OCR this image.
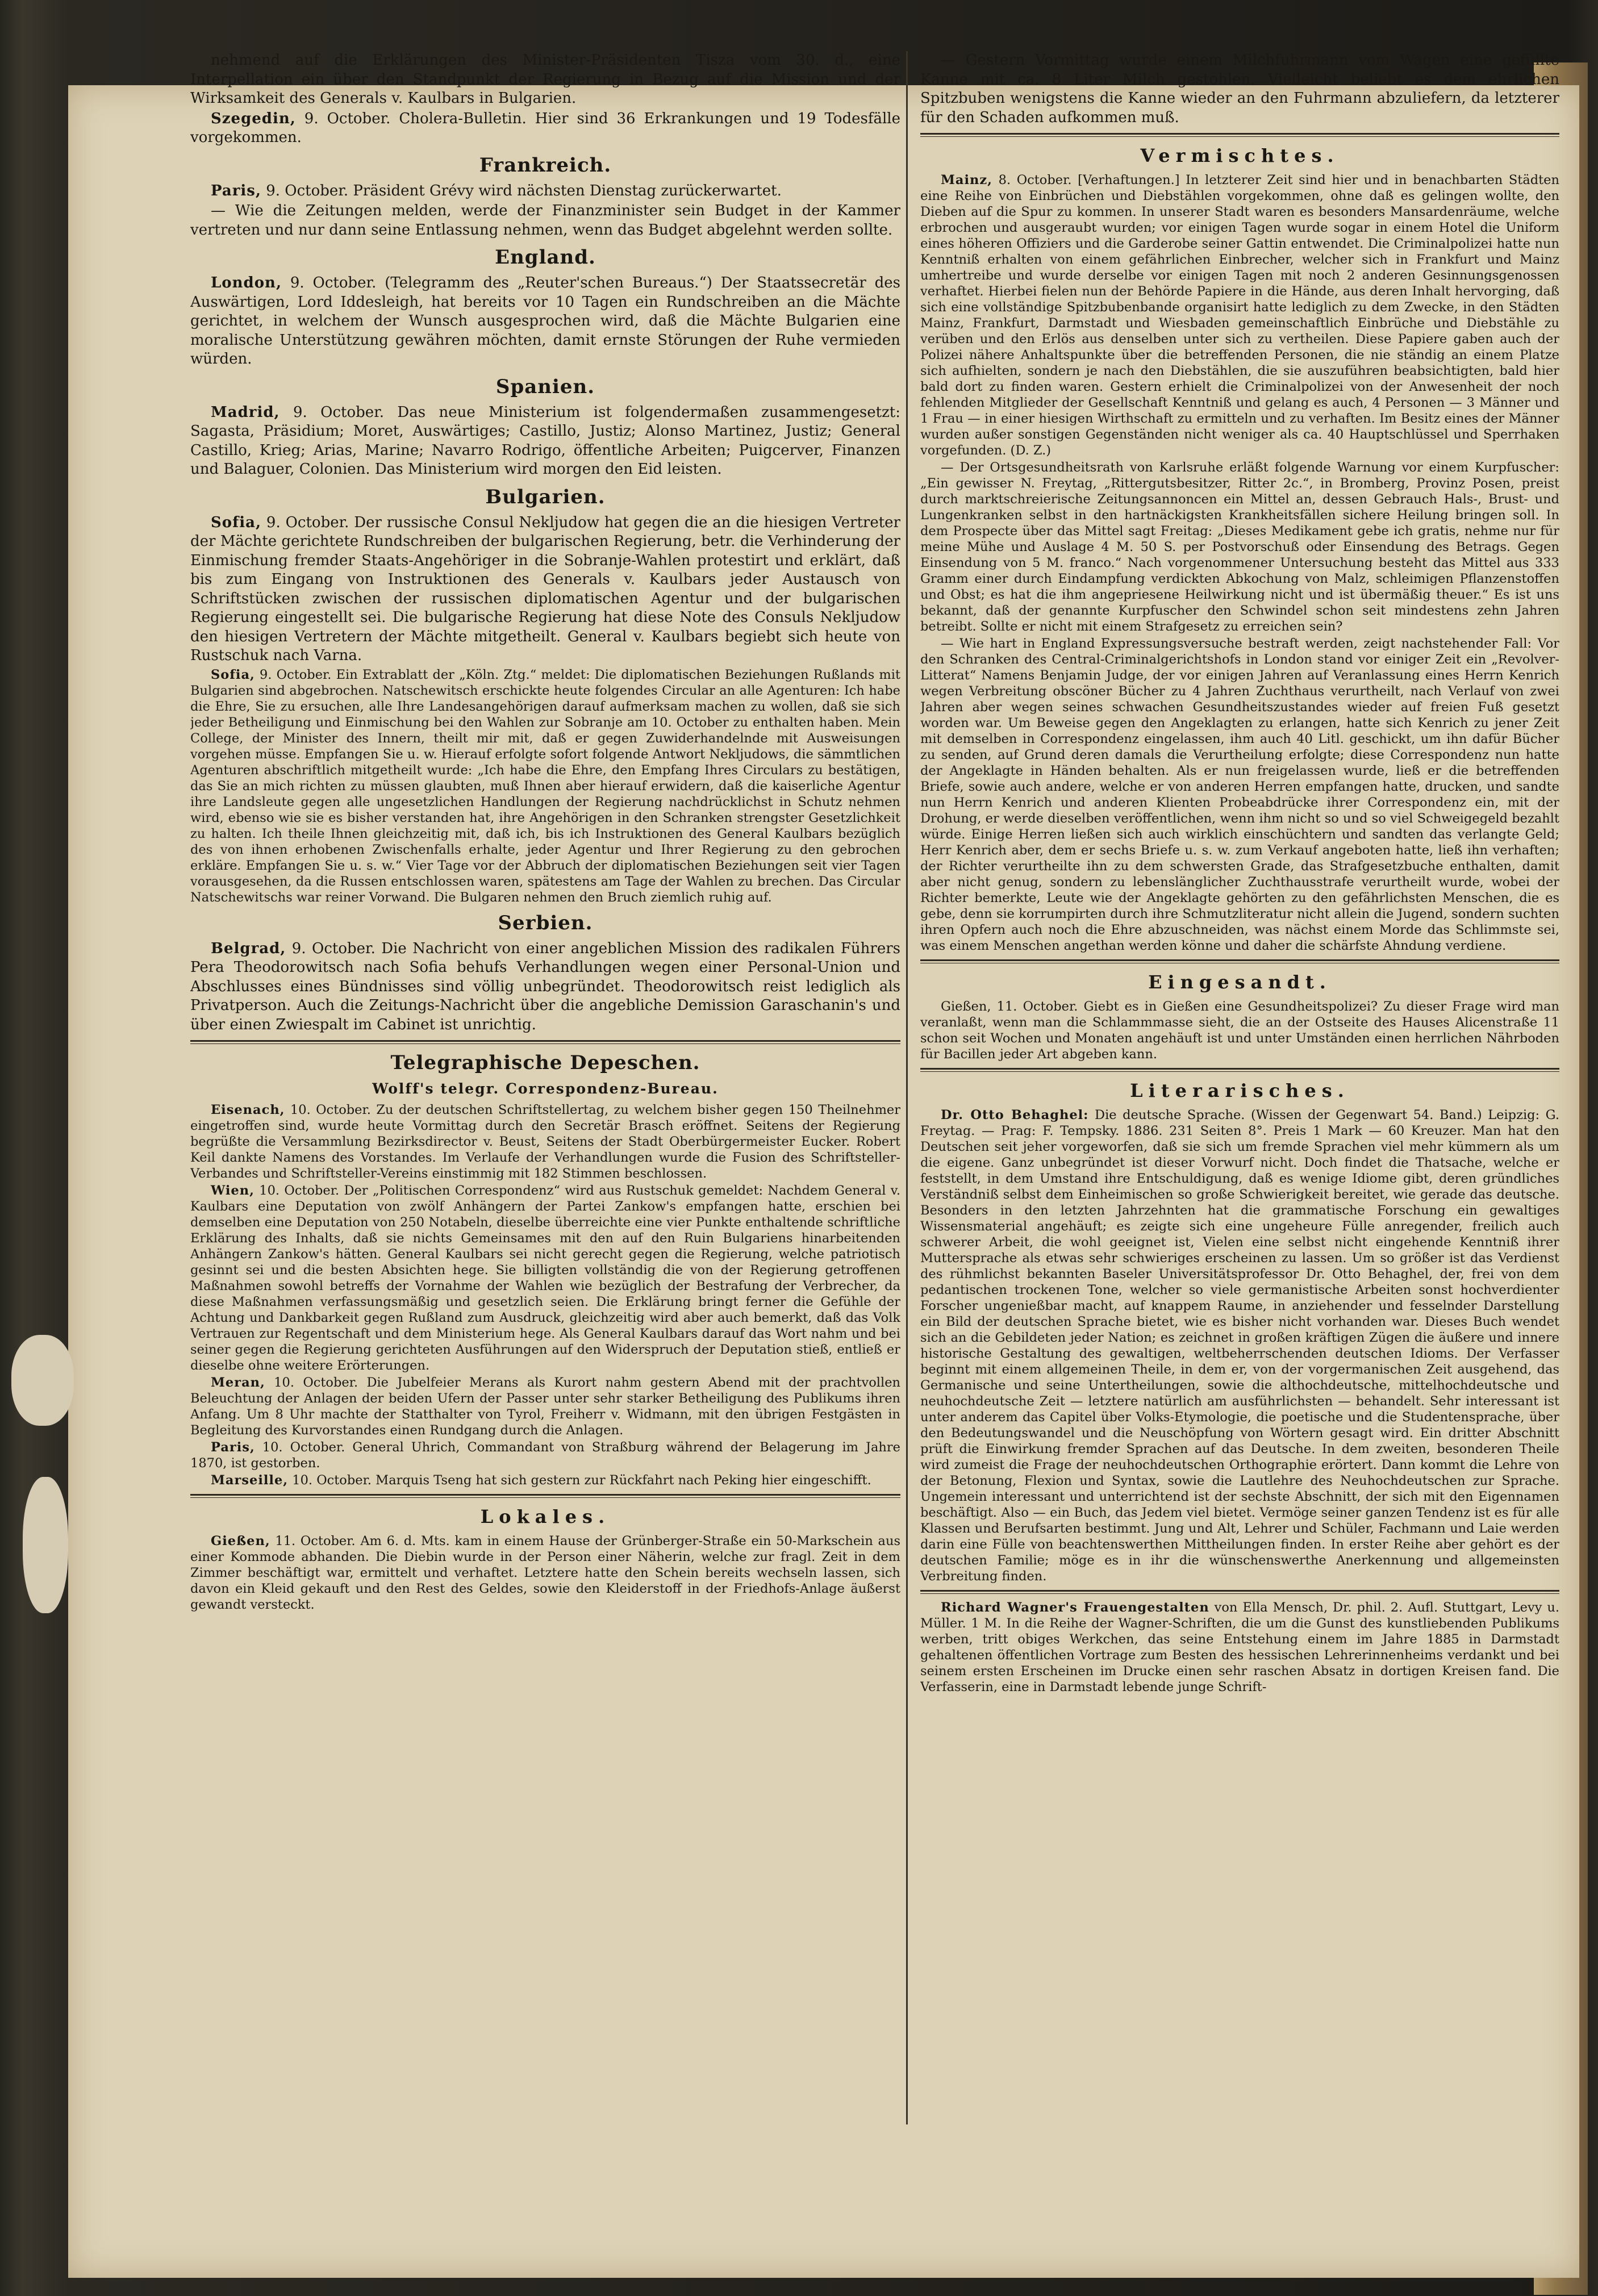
nehmend auf die Erklärungen des Minister-Präsidenten Tisza vom 30. d., eine Interpellation ein über den Standpunkt der Regierung in Bezug auf die Mission und der Wirksamkeit des Generals v. Kaulbars in Bulgarien.

Szegedin, 9. October. Cholera-Bulletin. Hier sind 36 Erkrankungen und 19 Todesfälle vorgekommen.

Frankreich.

Paris, 9. October. Präsident Grévy wird nächsten Dienstag zurückerwartet.

— Wie die Zeitungen melden, werde der Finanzminister sein Budget in der Kammer vertreten und nur dann seine Entlassung nehmen, wenn das Budget abgelehnt werden sollte.

England.

London, 9. October. (Telegramm des „Reuter'schen Bureaus.“) Der Staatssecretär des Auswärtigen, Lord Iddesleigh, hat bereits vor 10 Tagen ein Rundschreiben an die Mächte gerichtet, in welchem der Wunsch ausgesprochen wird, daß die Mächte Bulgarien eine moralische Unterstützung gewähren möchten, damit ernste Störungen der Ruhe vermieden würden.

Spanien.

Madrid, 9. October. Das neue Ministerium ist folgendermaßen zusammengesetzt: Sagasta, Präsidium; Moret, Auswärtiges; Castillo, Justiz; Alonso Martinez, Justiz; General Castillo, Krieg; Arias, Marine; Navarro Rodrigo, öffentliche Arbeiten; Puigcerver, Finanzen und Balaguer, Colonien. Das Ministerium wird morgen den Eid leisten.

Bulgarien.

Sofia, 9. October. Der russische Consul Nekljudow hat gegen die an die hiesigen Vertreter der Mächte gerichtete Rundschreiben der bulgarischen Regierung, betr. die Verhinderung der Einmischung fremder Staats-Angehöriger in die Sobranje-Wahlen protestirt und erklärt, daß bis zum Eingang von Instruktionen des Generals v. Kaulbars jeder Austausch von Schriftstücken zwischen der russischen diplomatischen Agentur und der bulgarischen Regierung eingestellt sei. Die bulgarische Regierung hat diese Note des Consuls Nekljudow den hiesigen Vertretern der Mächte mitgetheilt. General v. Kaulbars begiebt sich heute von Rustschuk nach Varna.

Sofia, 9. October. Ein Extrablatt der „Köln. Ztg.“ meldet: Die diplomatischen Beziehungen Rußlands mit Bulgarien sind abgebrochen. Natschewitsch erschickte heute folgendes Circular an alle Agenturen: Ich habe die Ehre, Sie zu ersuchen, alle Ihre Landesangehörigen darauf aufmerksam machen zu wollen, daß sie sich jeder Betheiligung und Einmischung bei den Wahlen zur Sobranje am 10. October zu enthalten haben. Mein College, der Minister des Innern, theilt mir mit, daß er gegen Zuwiderhandelnde mit Ausweisungen vorgehen müsse. Empfangen Sie u. w. Hierauf erfolgte sofort folgende Antwort Nekljudows, die sämmtlichen Agenturen abschriftlich mitgetheilt wurde: „Ich habe die Ehre, den Empfang Ihres Circulars zu bestätigen, das Sie an mich richten zu müssen glaubten, muß Ihnen aber hierauf erwidern, daß die kaiserliche Agentur ihre Landsleute gegen alle ungesetzlichen Handlungen der Regierung nachdrücklichst in Schutz nehmen wird, ebenso wie sie es bisher verstanden hat, ihre Angehörigen in den Schranken strengster Gesetzlichkeit zu halten. Ich theile Ihnen gleichzeitig mit, daß ich, bis ich Instruktionen des General Kaulbars bezüglich des von ihnen erhobenen Zwischenfalls erhalte, jeder Agentur und Ihrer Regierung zu den gebrochen erkläre. Empfangen Sie u. s. w.“ Vier Tage vor der Abbruch der diplomatischen Beziehungen seit vier Tagen vorausgesehen, da die Russen entschlossen waren, spätestens am Tage der Wahlen zu brechen. Das Circular Natschewitschs war reiner Vorwand. Die Bulgaren nehmen den Bruch ziemlich ruhig auf.

Serbien.

Belgrad, 9. October. Die Nachricht von einer angeblichen Mission des radikalen Führers Pera Theodorowitsch nach Sofia behufs Verhandlungen wegen einer Personal-Union und Abschlusses eines Bündnisses sind völlig unbegründet. Theodorowitsch reist lediglich als Privatperson. Auch die Zeitungs-Nachricht über die angebliche Demission Garaschanin's und über einen Zwiespalt im Cabinet ist unrichtig.

Telegraphische Depeschen.
Wolff's telegr. Correspondenz-Bureau.

Eisenach, 10. October. Zu der deutschen Schriftstellertag, zu welchem bisher gegen 150 Theilnehmer eingetroffen sind, wurde heute Vormittag durch den Secretär Brasch eröffnet. Seitens der Regierung begrüßte die Versammlung Bezirksdirector v. Beust, Seitens der Stadt Oberbürgermeister Eucker. Robert Keil dankte Namens des Vorstandes. Im Verlaufe der Verhandlungen wurde die Fusion des Schriftsteller-Verbandes und Schriftsteller-Vereins einstimmig mit 182 Stimmen beschlossen.

Wien, 10. October. Der „Politischen Correspondenz“ wird aus Rustschuk gemeldet: Nachdem General v. Kaulbars eine Deputation von zwölf Anhängern der Partei Zankow's empfangen hatte, erschien bei demselben eine Deputation von 250 Notabeln, dieselbe überreichte eine vier Punkte enthaltende schriftliche Erklärung des Inhalts, daß sie nichts Gemeinsames mit den auf den Ruin Bulgariens hinarbeitenden Anhängern Zankow's hätten. General Kaulbars sei nicht gerecht gegen die Regierung, welche patriotisch gesinnt sei und die besten Absichten hege. Sie billigten vollständig die von der Regierung getroffenen Maßnahmen sowohl betreffs der Vornahme der Wahlen wie bezüglich der Bestrafung der Verbrecher, da diese Maßnahmen verfassungsmäßig und gesetzlich seien. Die Erklärung bringt ferner die Gefühle der Achtung und Dankbarkeit gegen Rußland zum Ausdruck, gleichzeitig wird aber auch bemerkt, daß das Volk Vertrauen zur Regentschaft und dem Ministerium hege. Als General Kaulbars darauf das Wort nahm und bei seiner gegen die Regierung gerichteten Ausführungen auf den Widerspruch der Deputation stieß, entließ er dieselbe ohne weitere Erörterungen.

Meran, 10. October. Die Jubelfeier Merans als Kurort nahm gestern Abend mit der prachtvollen Beleuchtung der Anlagen der beiden Ufern der Passer unter sehr starker Betheiligung des Publikums ihren Anfang. Um 8 Uhr machte der Statthalter von Tyrol, Freiherr v. Widmann, mit den übrigen Festgästen in Begleitung des Kurvorstandes einen Rundgang durch die Anlagen.

Paris, 10. October. General Uhrich, Commandant von Straßburg während der Belagerung im Jahre 1870, ist gestorben.

Marseille, 10. October. Marquis Tseng hat sich gestern zur Rückfahrt nach Peking hier eingeschifft.

Lokales.

Gießen, 11. October. Am 6. d. Mts. kam in einem Hause der Grünberger-Straße ein 50-Markschein aus einer Kommode abhanden. Die Diebin wurde in der Person einer Näherin, welche zur fragl. Zeit in dem Zimmer beschäftigt war, ermittelt und verhaftet. Letztere hatte den Schein bereits wechseln lassen, sich davon ein Kleid gekauft und den Rest des Geldes, sowie den Kleiderstoff in der Friedhofs-Anlage äußerst gewandt versteckt.

— Gestern Vormittag wurde einem Milchfuhrmann vom Wagen eine gefüllte Kanne mit ca. 8 Liter Milch gestohlen. Vielleicht beliebt es dem ehrlichen Spitzbuben wenigstens die Kanne wieder an den Fuhrmann abzuliefern, da letzterer für den Schaden aufkommen muß.

Vermischtes.

Mainz, 8. October. [Verhaftungen.] In letzterer Zeit sind hier und in benachbarten Städten eine Reihe von Einbrüchen und Diebstählen vorgekommen, ohne daß es gelingen wollte, den Dieben auf die Spur zu kommen. In unserer Stadt waren es besonders Mansardenräume, welche erbrochen und ausgeraubt wurden; vor einigen Tagen wurde sogar in einem Hotel die Uniform eines höheren Offiziers und die Garderobe seiner Gattin entwendet. Die Criminalpolizei hatte nun Kenntniß erhalten von einem gefährlichen Einbrecher, welcher sich in Frankfurt und Mainz umhertreibe und wurde derselbe vor einigen Tagen mit noch 2 anderen Gesinnungsgenossen verhaftet. Hierbei fielen nun der Behörde Papiere in die Hände, aus deren Inhalt hervorging, daß sich eine vollständige Spitzbubenbande organisirt hatte lediglich zu dem Zwecke, in den Städten Mainz, Frankfurt, Darmstadt und Wiesbaden gemeinschaftlich Einbrüche und Diebstähle zu verüben und den Erlös aus denselben unter sich zu vertheilen. Diese Papiere gaben auch der Polizei nähere Anhaltspunkte über die betreffenden Personen, die nie ständig an einem Platze sich aufhielten, sondern je nach den Diebstählen, die sie auszuführen beabsichtigten, bald hier bald dort zu finden waren. Gestern erhielt die Criminalpolizei von der Anwesenheit der noch fehlenden Mitglieder der Gesellschaft Kenntniß und gelang es auch, 4 Personen — 3 Männer und 1 Frau — in einer hiesigen Wirthschaft zu ermitteln und zu verhaften. Im Besitz eines der Männer wurden außer sonstigen Gegenständen nicht weniger als ca. 40 Hauptschlüssel und Sperrhaken vorgefunden. (D. Z.)

— Der Ortsgesundheitsrath von Karlsruhe erläßt folgende Warnung vor einem Kurpfuscher: „Ein gewisser N. Freytag, „Rittergutsbesitzer, Ritter 2c.“, in Bromberg, Provinz Posen, preist durch marktschreierische Zeitungsannoncen ein Mittel an, dessen Gebrauch Hals-, Brust- und Lungenkranken selbst in den hartnäckigsten Krankheitsfällen sichere Heilung bringen soll. In dem Prospecte über das Mittel sagt Freitag: „Dieses Medikament gebe ich gratis, nehme nur für meine Mühe und Auslage 4 M. 50 S. per Postvorschuß oder Einsendung des Betrags. Gegen Einsendung von 5 M. franco.“ Nach vorgenommener Untersuchung besteht das Mittel aus 333 Gramm einer durch Eindampfung verdickten Abkochung von Malz, schleimigen Pflanzenstoffen und Obst; es hat die ihm angepriesene Heilwirkung nicht und ist übermäßig theuer.“ Es ist uns bekannt, daß der genannte Kurpfuscher den Schwindel schon seit mindestens zehn Jahren betreibt. Sollte er nicht mit einem Strafgesetz zu erreichen sein?

— Wie hart in England Expressungsversuche bestraft werden, zeigt nachstehender Fall: Vor den Schranken des Central-Criminalgerichtshofs in London stand vor einiger Zeit ein „Revolver-Litterat“ Namens Benjamin Judge, der vor einigen Jahren auf Veranlassung eines Herrn Kenrich wegen Verbreitung obscöner Bücher zu 4 Jahren Zuchthaus verurtheilt, nach Verlauf von zwei Jahren aber wegen seines schwachen Gesundheitszustandes wieder auf freien Fuß gesetzt worden war. Um Beweise gegen den Angeklagten zu erlangen, hatte sich Kenrich zu jener Zeit mit demselben in Correspondenz eingelassen, ihm auch 40 Litl. geschickt, um ihn dafür Bücher zu senden, auf Grund deren damals die Verurtheilung erfolgte; diese Correspondenz nun hatte der Angeklagte in Händen behalten. Als er nun freigelassen wurde, ließ er die betreffenden Briefe, sowie auch andere, welche er von anderen Herren empfangen hatte, drucken, und sandte nun Herrn Kenrich und anderen Klienten Probeabdrücke ihrer Correspondenz ein, mit der Drohung, er werde dieselben veröffentlichen, wenn ihm nicht so und so viel Schweigegeld bezahlt würde. Einige Herren ließen sich auch wirklich einschüchtern und sandten das verlangte Geld; Herr Kenrich aber, dem er sechs Briefe u. s. w. zum Verkauf angeboten hatte, ließ ihn verhaften; der Richter verurtheilte ihn zu dem schwersten Grade, das Strafgesetzbuche enthalten, damit aber nicht genug, sondern zu lebenslänglicher Zuchthausstrafe verurtheilt wurde, wobei der Richter bemerkte, Leute wie der Angeklagte gehörten zu den gefährlichsten Menschen, die es gebe, denn sie korrumpirten durch ihre Schmutzliteratur nicht allein die Jugend, sondern suchten ihren Opfern auch noch die Ehre abzuschneiden, was nächst einem Morde das Schlimmste sei, was einem Menschen angethan werden könne und daher die schärfste Ahndung verdiene.

Eingesandt.

Gießen, 11. October. Giebt es in Gießen eine Gesundheitspolizei? Zu dieser Frage wird man veranlaßt, wenn man die Schlammmasse sieht, die an der Ostseite des Hauses Alicenstraße 11 schon seit Wochen und Monaten angehäuft ist und unter Umständen einen herrlichen Nährboden für Bacillen jeder Art abgeben kann.

Literarisches.

Dr. Otto Behaghel: Die deutsche Sprache. (Wissen der Gegenwart 54. Band.) Leipzig: G. Freytag. — Prag: F. Tempsky. 1886. 231 Seiten 8°. Preis 1 Mark — 60 Kreuzer. Man hat den Deutschen seit jeher vorgeworfen, daß sie sich um fremde Sprachen viel mehr kümmern als um die eigene. Ganz unbegründet ist dieser Vorwurf nicht. Doch findet die Thatsache, welche er feststellt, in dem Umstand ihre Entschuldigung, daß es wenige Idiome gibt, deren gründliches Verständniß selbst dem Einheimischen so große Schwierigkeit bereitet, wie gerade das deutsche. Besonders in den letzten Jahrzehnten hat die grammatische Forschung ein gewaltiges Wissensmaterial angehäuft; es zeigte sich eine ungeheure Fülle anregender, freilich auch schwerer Arbeit, die wohl geeignet ist, Vielen eine selbst nicht eingehende Kenntniß ihrer Muttersprache als etwas sehr schwieriges erscheinen zu lassen. Um so größer ist das Verdienst des rühmlichst bekannten Baseler Universitätsprofessor Dr. Otto Behaghel, der, frei von dem pedantischen trockenen Tone, welcher so viele germanistische Arbeiten sonst hochverdienter Forscher ungenießbar macht, auf knappem Raume, in anziehender und fesselnder Darstellung ein Bild der deutschen Sprache bietet, wie es bisher nicht vorhanden war. Dieses Buch wendet sich an die Gebildeten jeder Nation; es zeichnet in großen kräftigen Zügen die äußere und innere historische Gestaltung des gewaltigen, weltbeherrschenden deutschen Idioms. Der Verfasser beginnt mit einem allgemeinen Theile, in dem er, von der vorgermanischen Zeit ausgehend, das Germanische und seine Untertheilungen, sowie die althochdeutsche, mittelhochdeutsche und neuhochdeutsche Zeit — letztere natürlich am ausführlichsten — behandelt. Sehr interessant ist unter anderem das Capitel über Volks-Etymologie, die poetische und die Studentensprache, über den Bedeutungswandel und die Neuschöpfung von Wörtern gesagt wird. Ein dritter Abschnitt prüft die Einwirkung fremder Sprachen auf das Deutsche. In dem zweiten, besonderen Theile wird zumeist die Frage der neuhochdeutschen Orthographie erörtert. Dann kommt die Lehre von der Betonung, Flexion und Syntax, sowie die Lautlehre des Neuhochdeutschen zur Sprache. Ungemein interessant und unterrichtend ist der sechste Abschnitt, der sich mit den Eigennamen beschäftigt. Also — ein Buch, das Jedem viel bietet. Vermöge seiner ganzen Tendenz ist es für alle Klassen und Berufsarten bestimmt. Jung und Alt, Lehrer und Schüler, Fachmann und Laie werden darin eine Fülle von beachtenswerthen Mittheilungen finden. In erster Reihe aber gehört es der deutschen Familie; möge es in ihr die wünschenswerthe Anerkennung und allgemeinsten Verbreitung finden.

Richard Wagner's Frauengestalten von Ella Mensch, Dr. phil. 2. Aufl. Stuttgart, Levy u. Müller. 1 M. In die Reihe der Wagner-Schriften, die um die Gunst des kunstliebenden Publikums werben, tritt obiges Werkchen, das seine Entstehung einem im Jahre 1885 in Darmstadt gehaltenen öffentlichen Vortrage zum Besten des hessischen Lehrerinnenheims verdankt und bei seinem ersten Erscheinen im Drucke einen sehr raschen Absatz in dortigen Kreisen fand. Die Verfasserin, eine in Darmstadt lebende junge Schrift-
